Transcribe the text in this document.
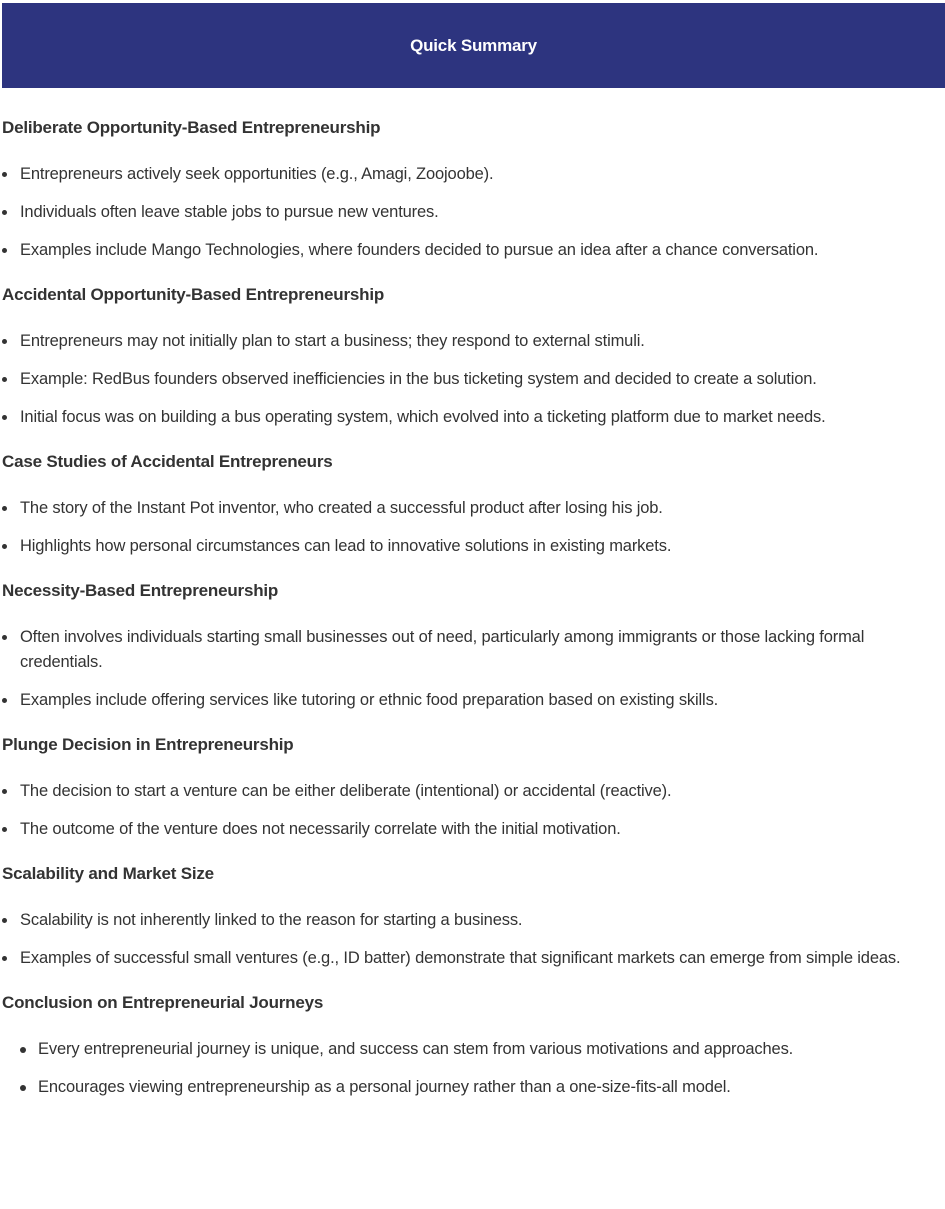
Quick Summary
Deliberate Opportunity-Based Entrepreneurship
Entrepreneurs actively seek opportunities (e.g., Amagi, Zoojoobe).
Individuals often leave stable jobs to pursue new ventures.
Examples include Mango Technologies, where founders decided to pursue an idea after a chance conversation.
Accidental Opportunity-Based Entrepreneurship
Entrepreneurs may not initially plan to start a business; they respond to external stimuli.
Example: RedBus founders observed inefficiencies in the bus ticketing system and decided to create a solution.
Initial focus was on building a bus operating system, which evolved into a ticketing platform due to market needs.
Case Studies of Accidental Entrepreneurs
The story of the Instant Pot inventor, who created a successful product after losing his job.
Highlights how personal circumstances can lead to innovative solutions in existing markets.
Necessity-Based Entrepreneurship
Often involves individuals starting small businesses out of need, particularly among immigrants or those lacking formal credentials.
Examples include offering services like tutoring or ethnic food preparation based on existing skills.
Plunge Decision in Entrepreneurship
The decision to start a venture can be either deliberate (intentional) or accidental (reactive).
The outcome of the venture does not necessarily correlate with the initial motivation.
Scalability and Market Size
Scalability is not inherently linked to the reason for starting a business.
Examples of successful small ventures (e.g., ID batter) demonstrate that significant markets can emerge from simple ideas.
Conclusion on Entrepreneurial Journeys
Every entrepreneurial journey is unique, and success can stem from various motivations and approaches.
Encourages viewing entrepreneurship as a personal journey rather than a one-size-fits-all model.
